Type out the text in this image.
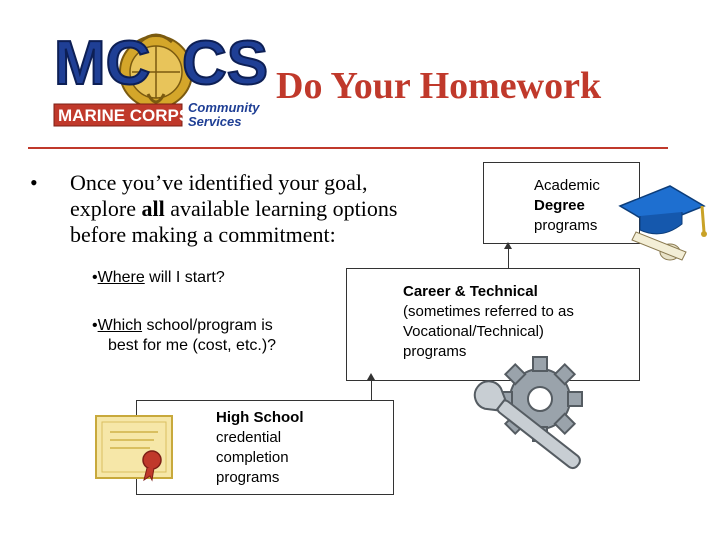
MC CS
MARINE CORPS
Community
Services
Do Your Homework
• Once you’ve identified your goal,
explore all available learning options
before making a commitment:
•Where will I start?
•Which school/program is
best for me (cost, etc.)?
Academic
Degree
programs
Career & Technical
(sometimes referred to as
Vocational/Technical)
programs
High School
credential
completion
programs
